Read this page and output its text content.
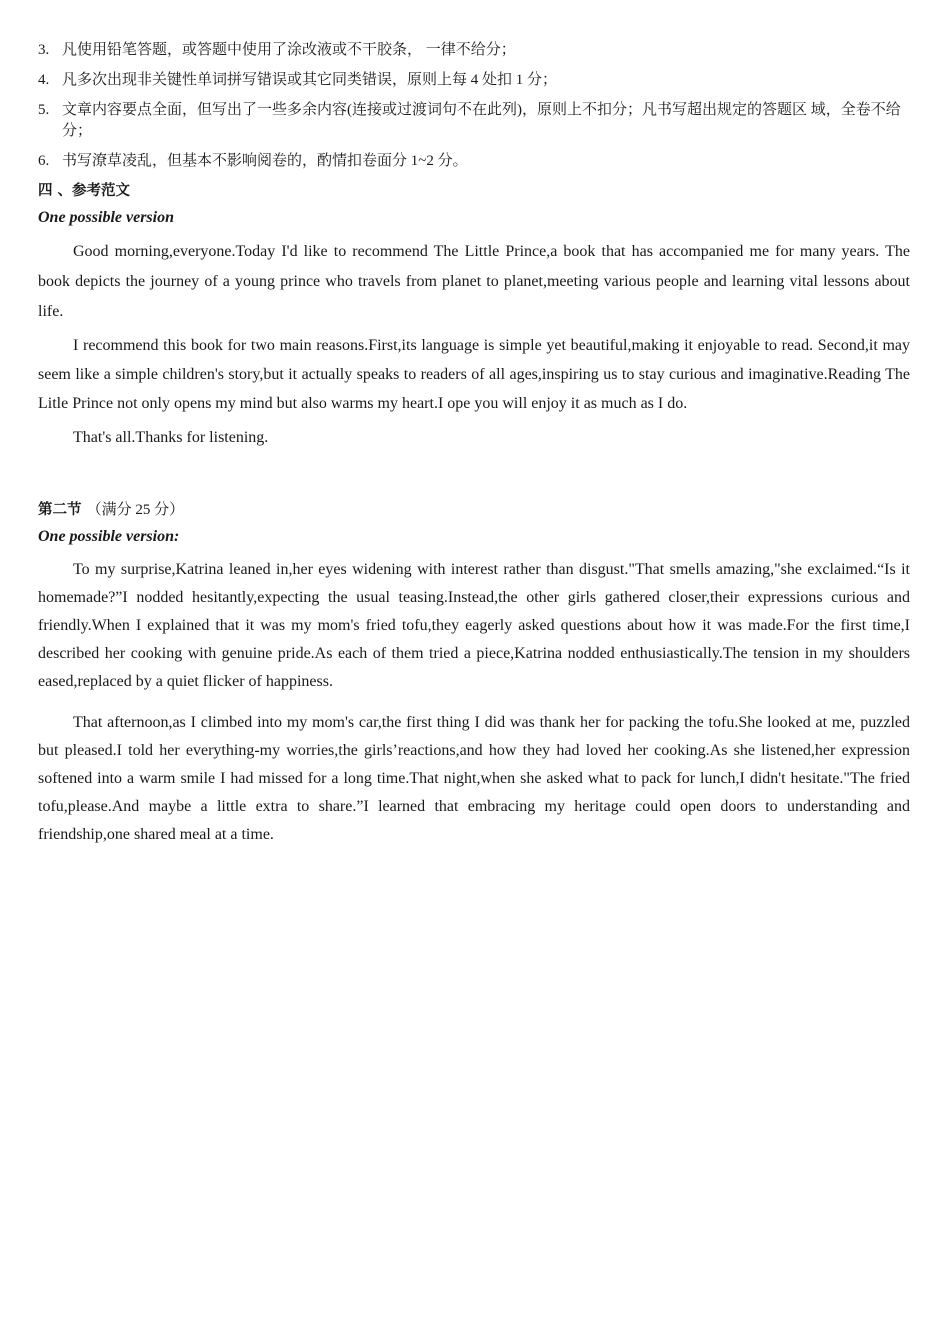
3. 凡使用铅笔答题，或答题中使用了涂改液或不干胶条， 一律不给分；
4. 凡多次出现非关键性单词拼写错误或其它同类错误，原则上每 4 处扣 1 分；
5. 文章内容要点全面，但写出了一些多余内容(连接或过渡词句不在此列)，原则上不扣分；凡书写超出规定的答题区 域，全卷不给分；
6. 书写潦草凌乱，但基本不影响阅卷的，酌情扣卷面分 1~2 分。

四 、参考范文

One possible version

Good morning,everyone.Today I'd like to recommend The Little Prince,a book that has accompanied me for many years. The book depicts the journey of a young prince who travels from planet to planet,meeting various people and learning vital lessons about life.

I recommend this book for two main reasons.First,its language is simple yet beautiful,making it enjoyable to read. Second,it may seem like a simple children's story,but it actually speaks to readers of all ages,inspiring us to stay curious and imaginative.Reading The Litle Prince not only opens my mind but also warms my heart.I ope you will enjoy it as much as I do.

That's all.Thanks for listening.

第二节 （满分 25 分）

One possible version:

To my surprise,Katrina leaned in,her eyes widening with interest rather than disgust."That smells amazing,"she exclaimed.“Is it homemade?”I nodded hesitantly,expecting the usual teasing.Instead,the other girls gathered closer,their expressions curious and friendly.When I explained that it was my mom's fried tofu,they eagerly asked questions about how it was made.For the first time,I described her cooking with genuine pride.As each of them tried a piece,Katrina nodded enthusiastically.The tension in my shoulders eased,replaced by a quiet flicker of happiness.

That afternoon,as I climbed into my mom's car,the first thing I did was thank her for packing the tofu.She looked at me, puzzled but pleased.I told her everything-my worries,the girls’reactions,and how they had loved her cooking.As she listened,her expression softened into a warm smile I had missed for a long time.That night,when she asked what to pack for lunch,I didn't hesitate."The fried tofu,please.And maybe a little extra to share.”I learned that embracing my heritage could open doors to understanding and friendship,one shared meal at a time.
